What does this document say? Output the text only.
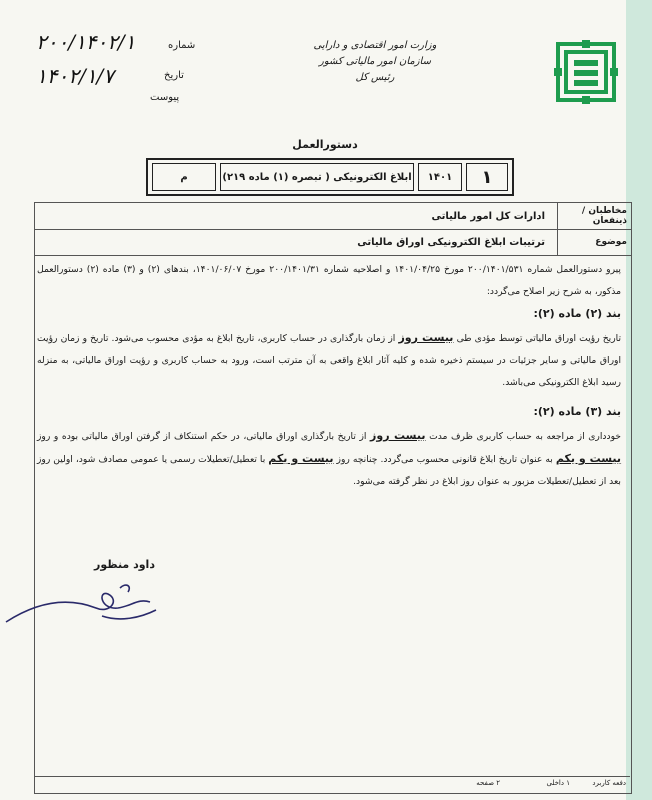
۲۰۰/۱۴۰۲/۱	شماره
۱۴۰۲/۱/۷	تاریخ
پیوست
وزارت امور اقتصادی و دارایی
سازمان امور مالیاتی کشور
رئیس کل
دستورالعمل
۱
۱۴۰۱
ابلاغ الکترونیکی ( تبصره (۱) ماده ۲۱۹)
م
مخاطبان / ذینفعان
ادارات کل امور مالیاتی
موضوع
ترتیبات ابلاغ الکترونیکی اوراق مالیاتی
پیرو دستورالعمل شماره ۲۰۰/۱۴۰۱/۵۳۱ مورخ ۱۴۰۱/۰۴/۲۵ و اصلاحیه شماره ۲۰۰/۱۴۰۱/۳۱ مورخ ۱۴۰۱/۰۶/۰۷، بندهای (۲) و (۳) ماده (۲) دستورالعمل مذکور، به شرح زیر اصلاح می‌گردد:
بند (۲) ماده (۲):
تاریخ رؤیت اوراق مالیاتی توسط مؤدی طی بیست روز از زمان بارگذاری در حساب کاربری، تاریخ ابلاغ به مؤدی محسوب می‌شود. تاریخ و زمان رؤیت اوراق مالیاتی و سایر جزئیات در سیستم ذخیره شده و کلیه آثار ابلاغ واقعی به آن مترتب است، ورود به حساب کاربری و رؤیت اوراق مالیاتی، به منزله رسید ابلاغ الکترونیکی می‌باشد.
بند (۳) ماده (۲):
خودداری از مراجعه به حساب کاربری ظرف مدت بیست روز از تاریخ بارگذاری اوراق مالیاتی، در حکم استنکاف از گرفتن اوراق مالیاتی بوده و روز بیست و یکم به عنوان تاریخ ابلاغ قانونی محسوب می‌گردد. چنانچه روز بیست و یکم با تعطیل/تعطیلات رسمی یا عمومی مصادف شود، اولین روز بعد از تعطیل/تعطیلات مزبور به عنوان روز ابلاغ در نظر گرفته می‌شود.
داود منظور
دفعه کاربرد
۱ داخلی
۲ صفحه
